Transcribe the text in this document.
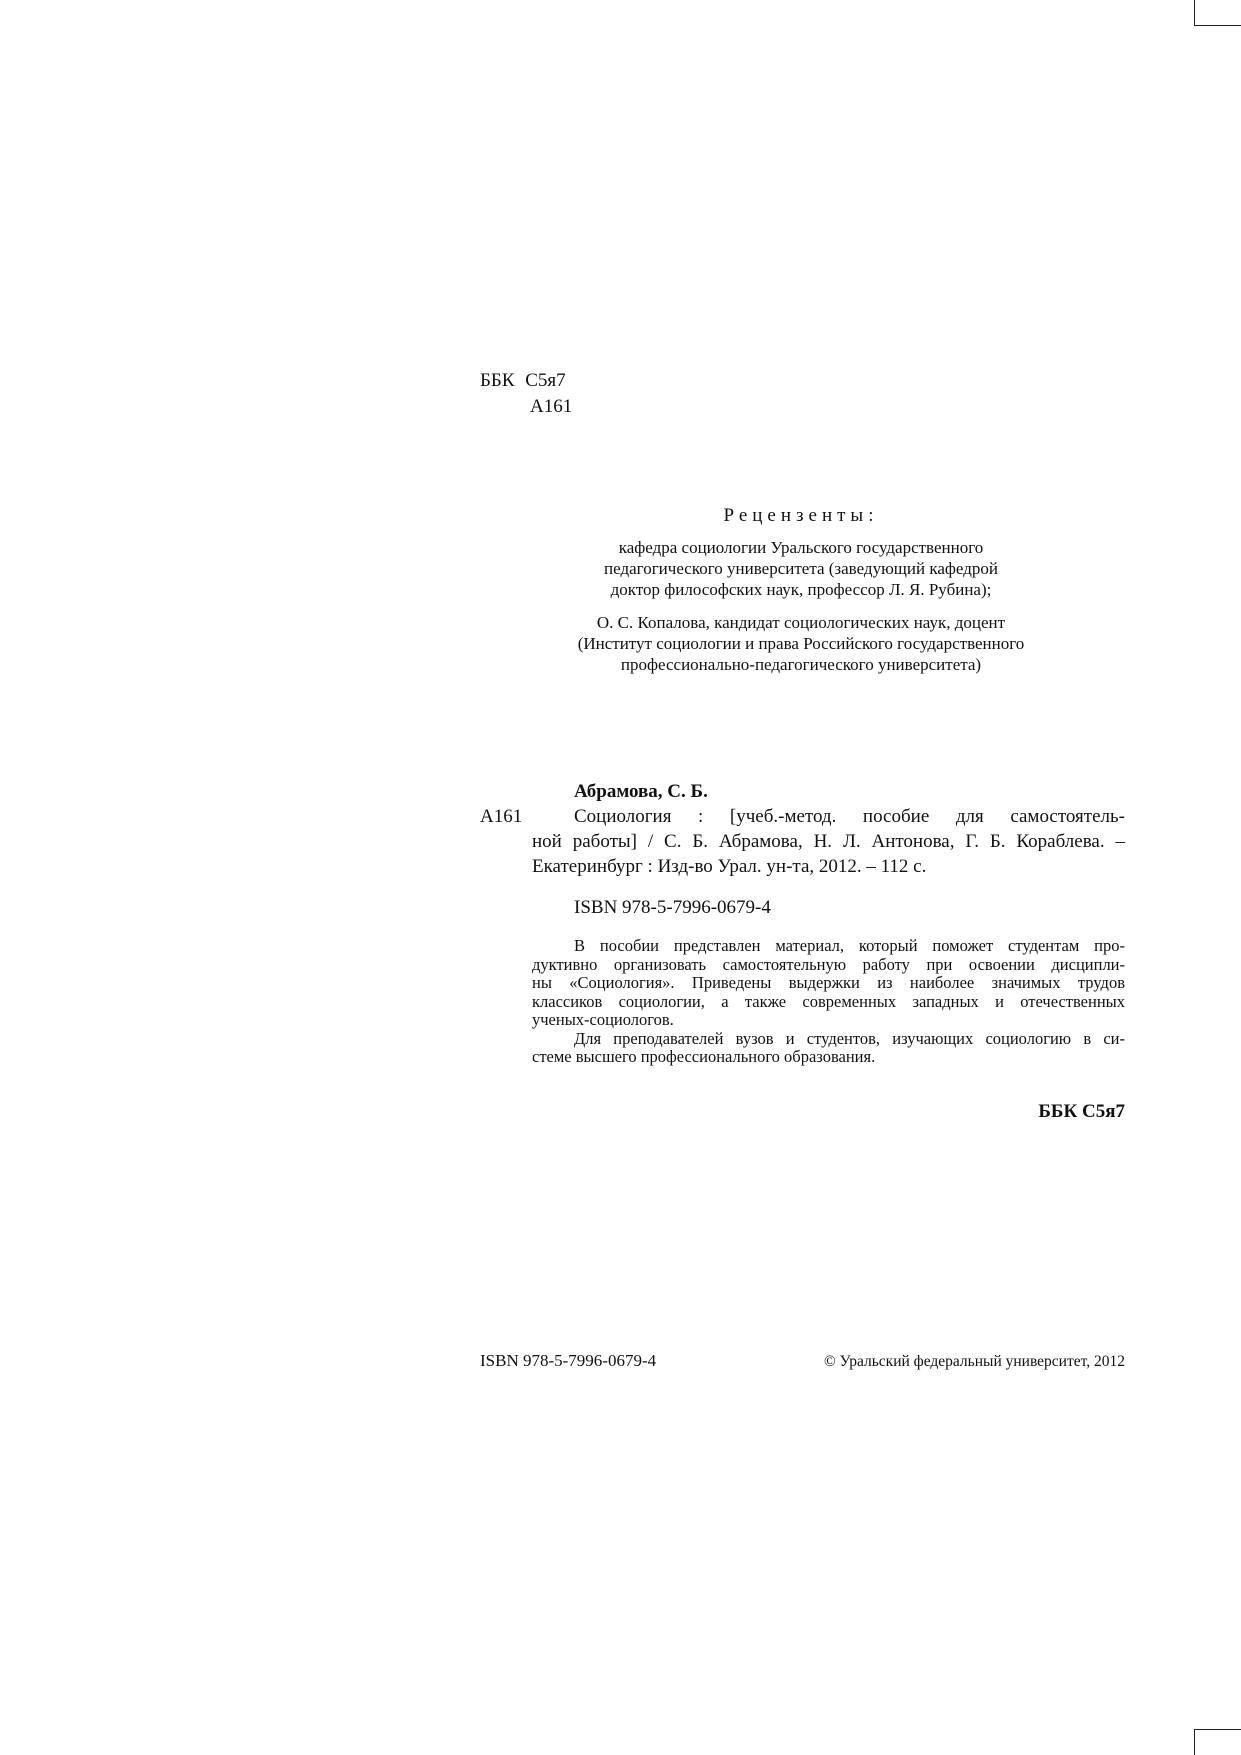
ББК С5я7
А161
Рецензенты:
кафедра социологии Уральского государственного
педагогического университета (заведующий кафедрой
доктор философских наук, профессор Л. Я. Рубина);
О. С. Копалова, кандидат социологических наук, доцент
(Институт социологии и права Российского государственного
профессионально-педагогического университета)
Абрамова, С. Б.
А161	Социология : [учеб.-метод. пособие для самостоятель-
ной работы] / С. Б. Абрамова, Н. Л. Антонова, Г. Б. Кораблева. –
Екатеринбург : Изд-во Урал. ун-та, 2012. – 112 с.
ISBN 978-5-7996-0679-4

В пособии представлен материал, который поможет студентам про-
дуктивно организовать самостоятельную работу при освоении дисципли-
ны «Социология». Приведены выдержки из наиболее значимых трудов
классиков социологии, а также современных западных и отечественных
ученых-социологов.

Для преподавателей вузов и студентов, изучающих социологию в си-
стеме высшего профессионального образования.

ББК С5я7
ISBN 978-5-7996-0679-4	© Уральский федеральный университет, 2012
